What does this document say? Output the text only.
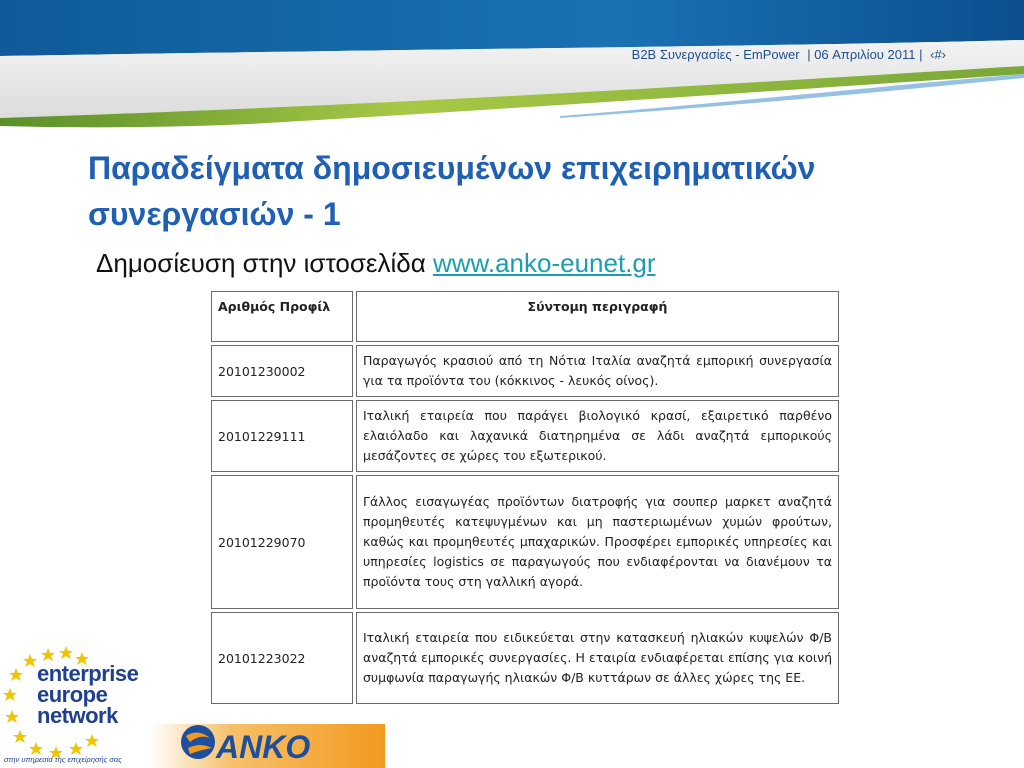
B2B Συνεργασίες - EmPower | 06 Απριλίου 2011 | ‹#›
Παραδείγματα δημοσιευμένων επιχειρηματικών συνεργασιών - 1
Δημοσίευση στην ιστοσελίδα www.anko-eunet.gr
Αριθμός Προφίλ	Σύντομη περιγραφή
20101230002	Παραγωγός κρασιού από τη Νότια Ιταλία αναζητά εμπορική συνεργασία για τα προϊόντα του (κόκκινος - λευκός οίνος).
20101229111	Ιταλική εταιρεία που παράγει βιολογικό κρασί, εξαιρετικό παρθένο ελαιόλαδο και λαχανικά διατηρημένα σε λάδι αναζητά εμπορικούς μεσάζοντες σε χώρες του εξωτερικού.
20101229070	Γάλλος εισαγωγέας προϊόντων διατροφής για σουπερ μαρκετ αναζητά προμηθευτές κατεψυγμένων και μη παστεριωμένων χυμών φρούτων, καθώς και προμηθευτές μπαχαρικών. Προσφέρει εμπορικές υπηρεσίες και υπηρεσίες logistics σε παραγωγούς που ενδιαφέρονται να διανέμουν τα προϊόντα τους στη γαλλική αγορά.
20101223022	Ιταλική εταιρεία που ειδικεύεται στην κατασκευή ηλιακών κυψελών Φ/Β αναζητά εμπορικές συνεργασίες. Η εταιρία ενδιαφέρεται επίσης για κοινή συμφωνία παραγωγής ηλιακών Φ/Β κυττάρων σε άλλες χώρες της ΕΕ.
enterprise
europe
network
στην υπηρεσία της επιχείρησής σας	ANKO
